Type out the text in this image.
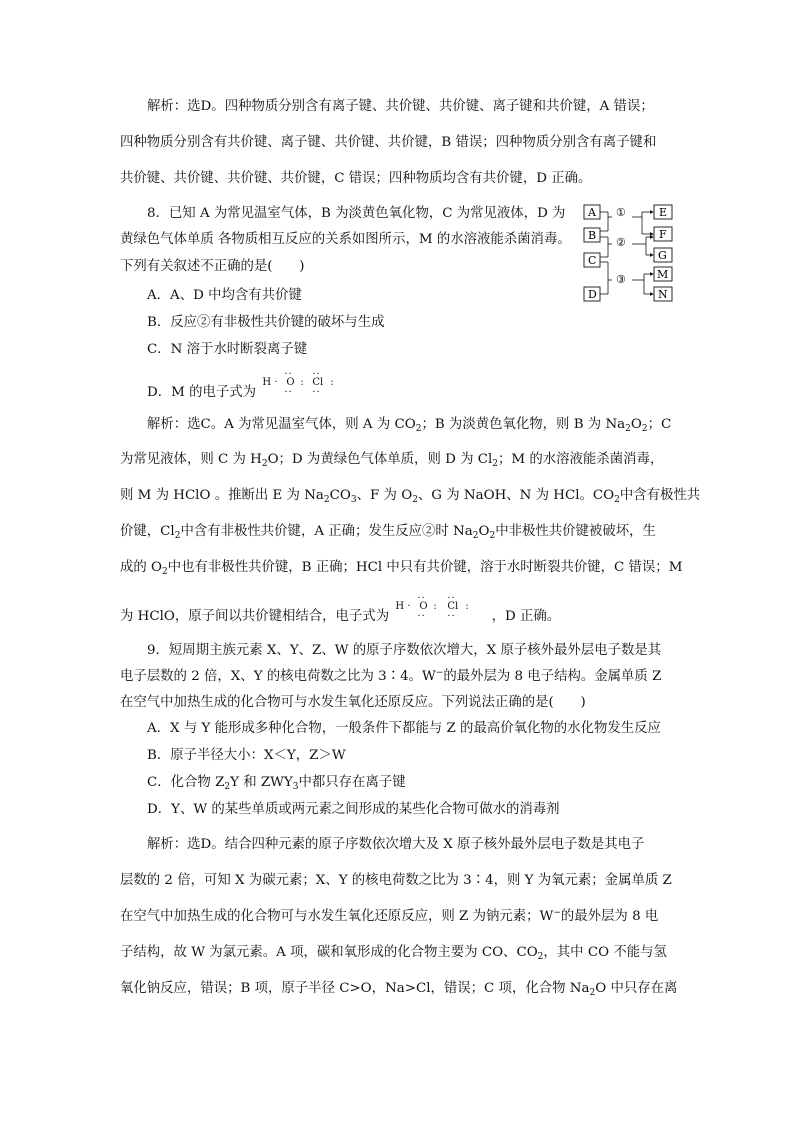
解析：选D。四种物质分别含有离子键、共价键、共价键、离子键和共价键，A 错误；
四种物质分别含有共价键、离子键、共价键、共价键，B 错误；四种物质分别含有离子键和
共价键、共价键、共价键、共价键，C 错误；四种物质均含有共价键，D 正确。
8．已知 A 为常见温室气体，B 为淡黄色氧化物，C 为常见液体，D 为
黄绿色气体单质 各物质相互反应的关系如图所示，M 的水溶液能杀菌消毒。
下列有关叙述不正确的是(　　)
A．A、D 中均含有共价键
B．反应②有非极性共价键的破坏与生成
C．N 溶于水时断裂离子键
D．M 的电子式为
H ·
··
O
··
:
··
Cl :
··
A
B
C
D
①
②
③
E
F
G
M
N
解析：选C。A 为常见温室气体，则 A 为 $CO_2$；B 为淡黄色氧化物，则 B 为 $Na_2O_2$；C
为常见液体，则 C 为 $H_2O$；D 为黄绿色气体单质，则 D 为 $Cl_2$；M 的水溶液能杀菌消毒，
则 M 为 HClO 。推断出 E 为 $Na_2CO_3$、F 为 $O_2$、G 为 NaOH、N 为 HCl。$CO_2$中含有极性共
价键，$Cl_2$中含有非极性共价键，A 正确；发生反应②时 $Na_2O_2$中非极性共价键被破坏，生
成的 $O_2$中也有非极性共价键，B 正确；HCl 中只有共价键，溶于水时断裂共价键，C 错误；M
为 HClO，原子间以共价键相结合，电子式为
H ·
··
O
··
:
··
Cl :
··	，D 正确。
9．短周期主族元素 X、Y、Z、W 的原子序数依次增大，X 原子核外最外层电子数是其
电子层数的 2 倍，X、Y 的核电荷数之比为 3∶4。W−的最外层为 8 电子结构。金属单质 Z
在空气中加热生成的化合物可与水发生氧化还原反应。下列说法正确的是(　　)
A．X 与 Y 能形成多种化合物，一般条件下都能与 Z 的最高价氧化物的水化物发生反应
B．原子半径大小：X＜Y，Z＞W
C．化合物 $Z_2Y$ 和 $ZWY_3$中都只存在离子键
D．Y、W 的某些单质或两元素之间形成的某些化合物可做水的消毒剂
解析：选D。结合四种元素的原子序数依次增大及 X 原子核外最外层电子数是其电子
层数的 2 倍，可知 X 为碳元素；X、Y 的核电荷数之比为 3∶4，则 Y 为氧元素；金属单质 Z
在空气中加热生成的化合物可与水发生氧化还原反应，则 Z 为钠元素；W−的最外层为 8 电
子结构，故 W 为氯元素。A 项，碳和氧形成的化合物主要为 CO、$CO_2$，其中 CO 不能与氢
氧化钠反应，错误；B 项，原子半径 C>O，Na>Cl，错误；C 项，化合物 $Na_2O$ 中只存在离
